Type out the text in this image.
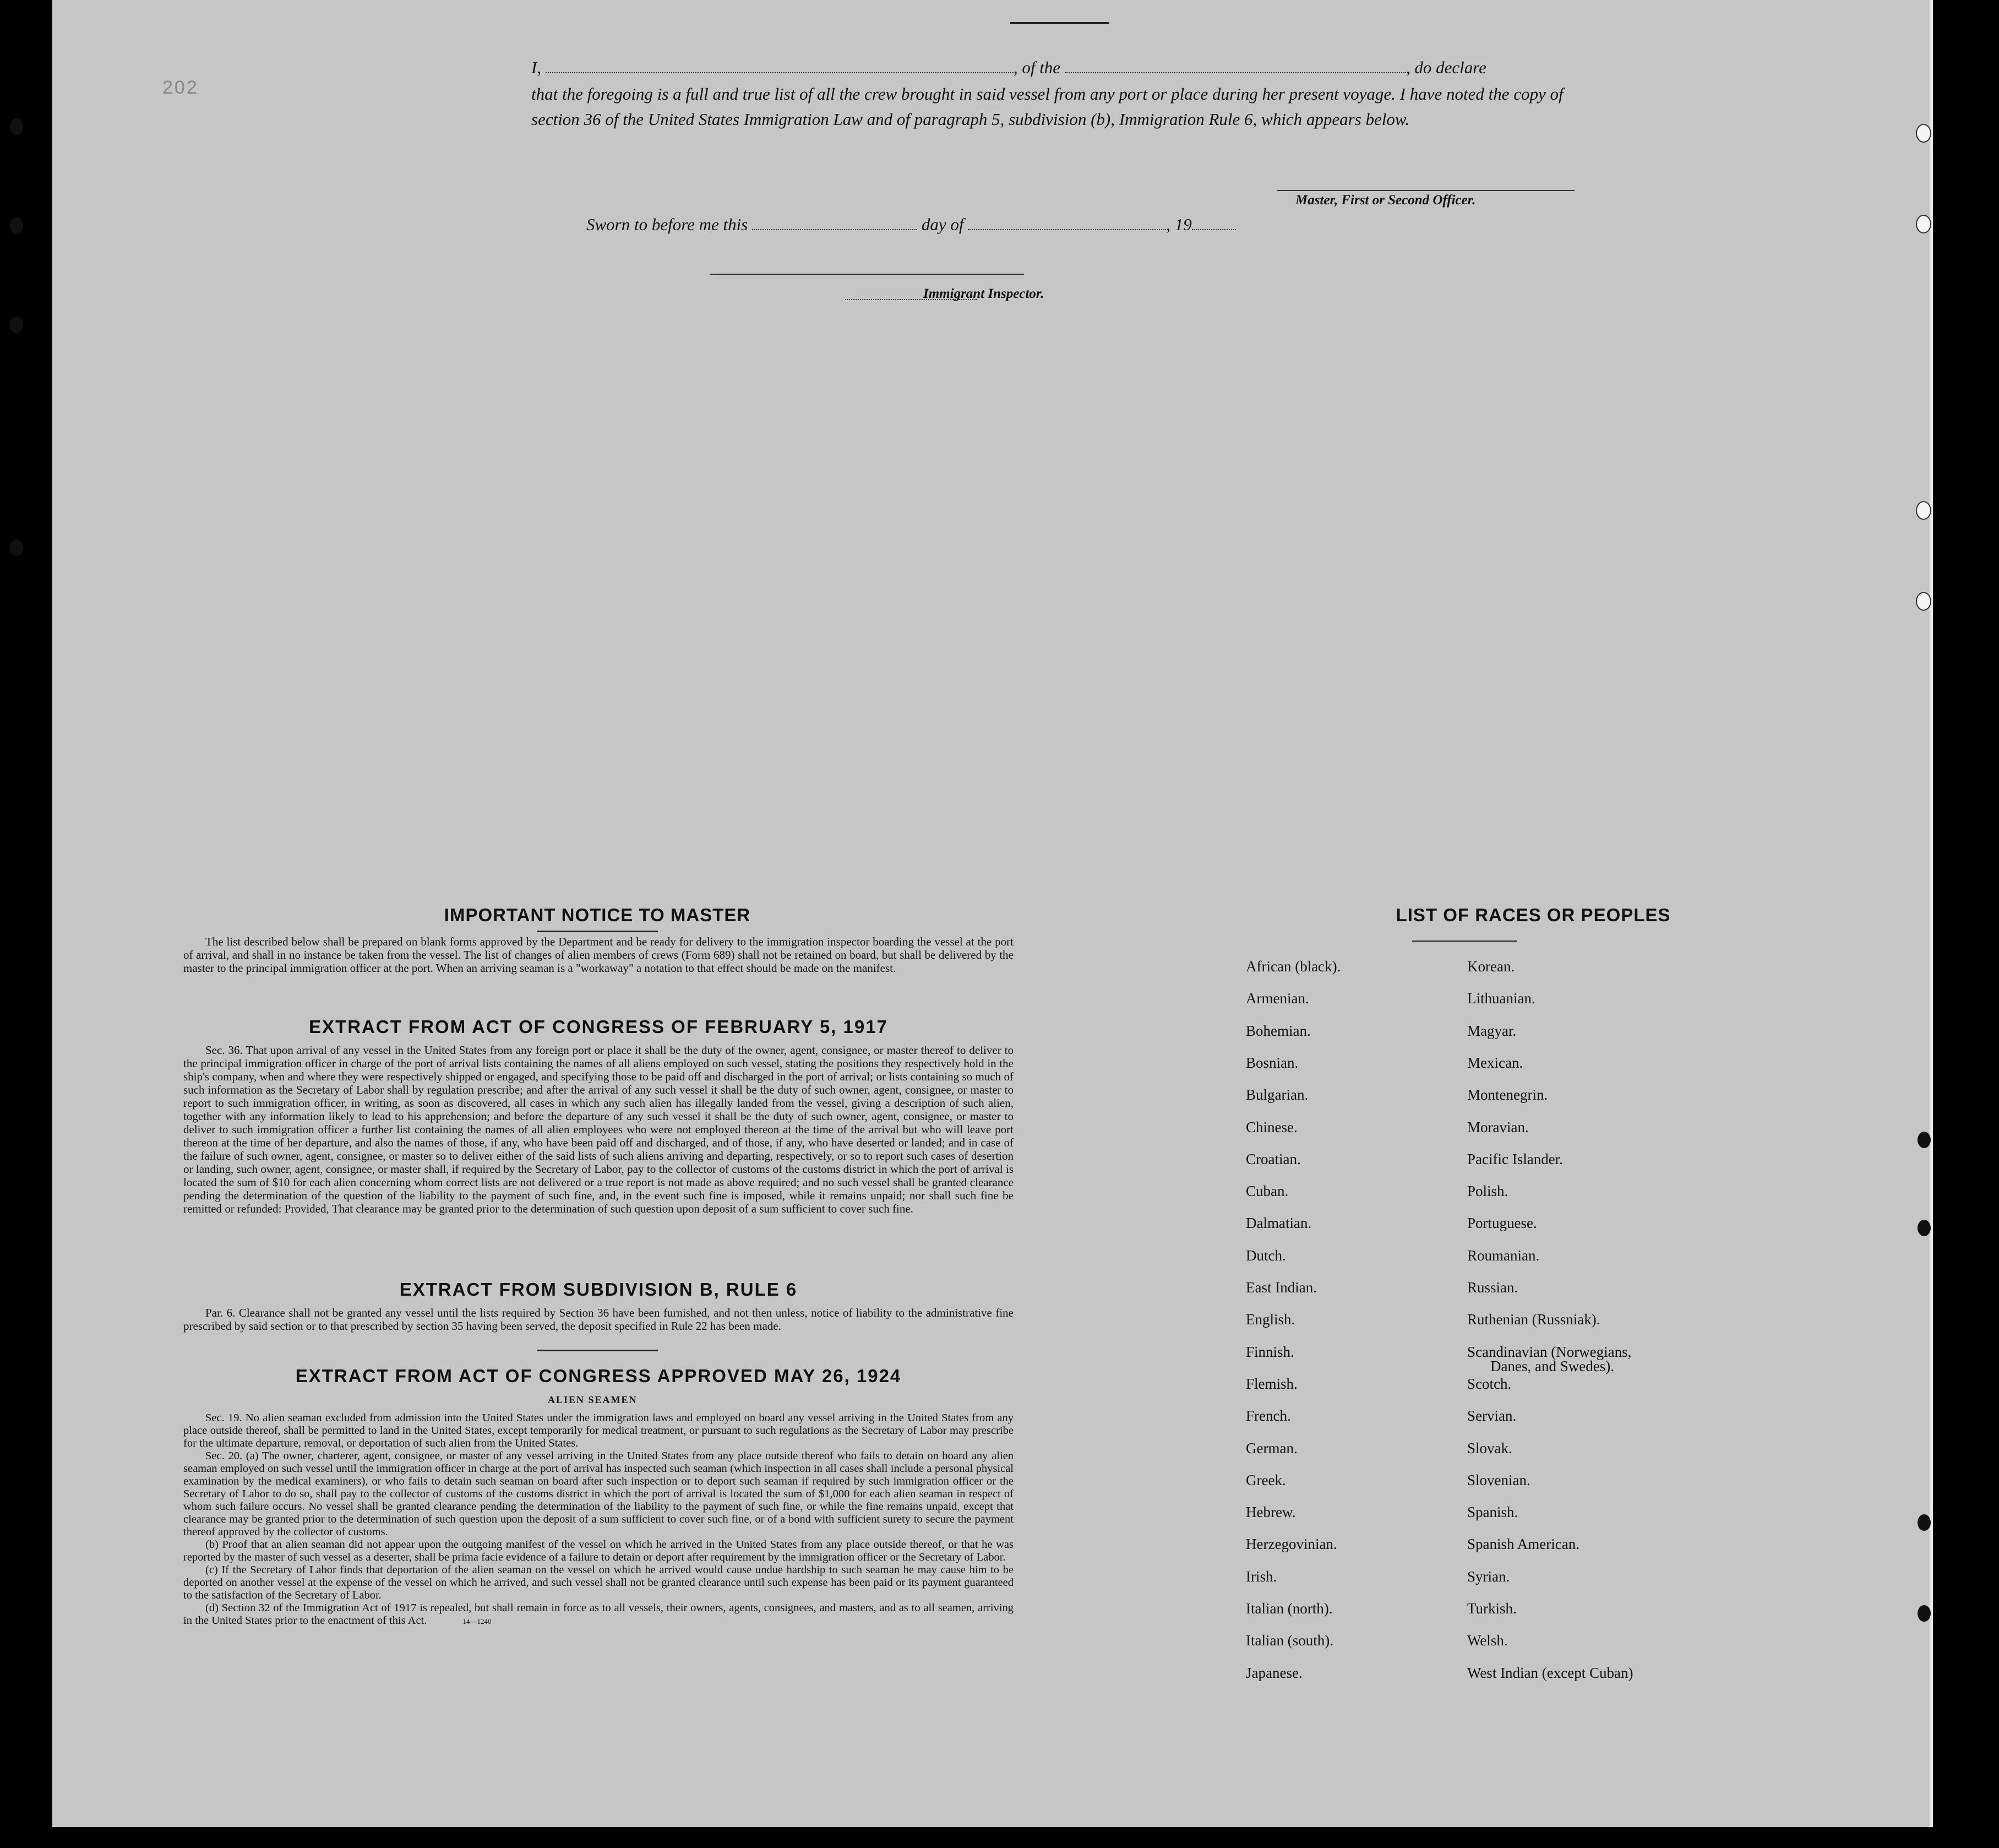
202
I,	, of the	, do declare
that the foregoing is a full and true list of all the crew brought in said vessel from any port or place during her present voyage. I have noted the copy of section 36 of the United States Immigration Law and of paragraph 5, subdivision (b), Immigration Rule 6, which appears below.
Master, First or Second Officer.
Sworn to before me this	day of	, 19
Immigrant Inspector.
IMPORTANT NOTICE TO MASTER

The list described below shall be prepared on blank forms approved by the Department and be ready for delivery to the immigration inspector boarding the vessel at the port of arrival, and shall in no instance be taken from the vessel. The list of changes of alien members of crews (Form 689) shall not be retained on board, but shall be delivered by the master to the principal immigration officer at the port. When an arriving seaman is a "workaway" a notation to that effect should be made on the manifest.

EXTRACT FROM ACT OF CONGRESS OF FEBRUARY 5, 1917

Sec. 36. That upon arrival of any vessel in the United States from any foreign port or place it shall be the duty of the owner, agent, consignee, or master thereof to deliver to the principal immigration officer in charge of the port of arrival lists containing the names of all aliens employed on such vessel, stating the positions they respectively hold in the ship's company, when and where they were respectively shipped or engaged, and specifying those to be paid off and discharged in the port of arrival; or lists containing so much of such information as the Secretary of Labor shall by regulation prescribe; and after the arrival of any such vessel it shall be the duty of such owner, agent, consignee, or master to report to such immigration officer, in writing, as soon as discovered, all cases in which any such alien has illegally landed from the vessel, giving a description of such alien, together with any information likely to lead to his apprehension; and before the departure of any such vessel it shall be the duty of such owner, agent, consignee, or master to deliver to such immigration officer a further list containing the names of all alien employees who were not employed thereon at the time of the arrival but who will leave port thereon at the time of her departure, and also the names of those, if any, who have been paid off and discharged, and of those, if any, who have deserted or landed; and in case of the failure of such owner, agent, consignee, or master so to deliver either of the said lists of such aliens arriving and departing, respectively, or so to report such cases of desertion or landing, such owner, agent, consignee, or master shall, if required by the Secretary of Labor, pay to the collector of customs of the customs district in which the port of arrival is located the sum of $10 for each alien concerning whom correct lists are not delivered or a true report is not made as above required; and no such vessel shall be granted clearance pending the determination of the question of the liability to the payment of such fine, and, in the event such fine is imposed, while it remains unpaid; nor shall such fine be remitted or refunded: Provided, That clearance may be granted prior to the determination of such question upon deposit of a sum sufficient to cover such fine.

EXTRACT FROM SUBDIVISION B, RULE 6

Par. 6. Clearance shall not be granted any vessel until the lists required by Section 36 have been furnished, and not then unless, notice of liability to the administrative fine prescribed by said section or to that prescribed by section 35 having been served, the deposit specified in Rule 22 has been made.

EXTRACT FROM ACT OF CONGRESS APPROVED MAY 26, 1924
ALIEN SEAMEN

Sec. 19. No alien seaman excluded from admission into the United States under the immigration laws and employed on board any vessel arriving in the United States from any place outside thereof, shall be permitted to land in the United States, except temporarily for medical treatment, or pursuant to such regulations as the Secretary of Labor may prescribe for the ultimate departure, removal, or deportation of such alien from the United States.

Sec. 20. (a) The owner, charterer, agent, consignee, or master of any vessel arriving in the United States from any place outside thereof who fails to detain on board any alien seaman employed on such vessel until the immigration officer in charge at the port of arrival has inspected such seaman (which inspection in all cases shall include a personal physical examination by the medical examiners), or who fails to detain such seaman on board after such inspection or to deport such seaman if required by such immigration officer or the Secretary of Labor to do so, shall pay to the collector of customs of the customs district in which the port of arrival is located the sum of $1,000 for each alien seaman in respect of whom such failure occurs. No vessel shall be granted clearance pending the determination of the liability to the payment of such fine, or while the fine remains unpaid, except that clearance may be granted prior to the determination of such question upon the deposit of a sum sufficient to cover such fine, or of a bond with sufficient surety to secure the payment thereof approved by the collector of customs.

(b) Proof that an alien seaman did not appear upon the outgoing manifest of the vessel on which he arrived in the United States from any place outside thereof, or that he was reported by the master of such vessel as a deserter, shall be prima facie evidence of a failure to detain or deport after requirement by the immigration officer or the Secretary of Labor.

(c) If the Secretary of Labor finds that deportation of the alien seaman on the vessel on which he arrived would cause undue hardship to such seaman he may cause him to be deported on another vessel at the expense of the vessel on which he arrived, and such vessel shall not be granted clearance until such expense has been paid or its payment guaranteed to the satisfaction of the Secretary of Labor.

(d) Section 32 of the Immigration Act of 1917 is repealed, but shall remain in force as to all vessels, their owners, agents, consignees, and masters, and as to all seamen, arriving in the United States prior to the enactment of this Act.	14—1240

LIST OF RACES OR PEOPLES
African (black).
Armenian.
Bohemian.
Bosnian.
Bulgarian.
Chinese.
Croatian.
Cuban.
Dalmatian.
Dutch.
East Indian.
English.
Finnish.
Flemish.
French.
German.
Greek.
Hebrew.
Herzegovinian.
Irish.
Italian (north).
Italian (south).
Japanese.
Korean.
Lithuanian.
Magyar.
Mexican.
Montenegrin.
Moravian.
Pacific Islander.
Polish.
Portuguese.
Roumanian.
Russian.
Ruthenian (Russniak).
Scandinavian (Norwegians,
Danes, and Swedes).
Scotch.
Servian.
Slovak.
Slovenian.
Spanish.
Spanish American.
Syrian.
Turkish.
Welsh.
West Indian (except Cuban)
